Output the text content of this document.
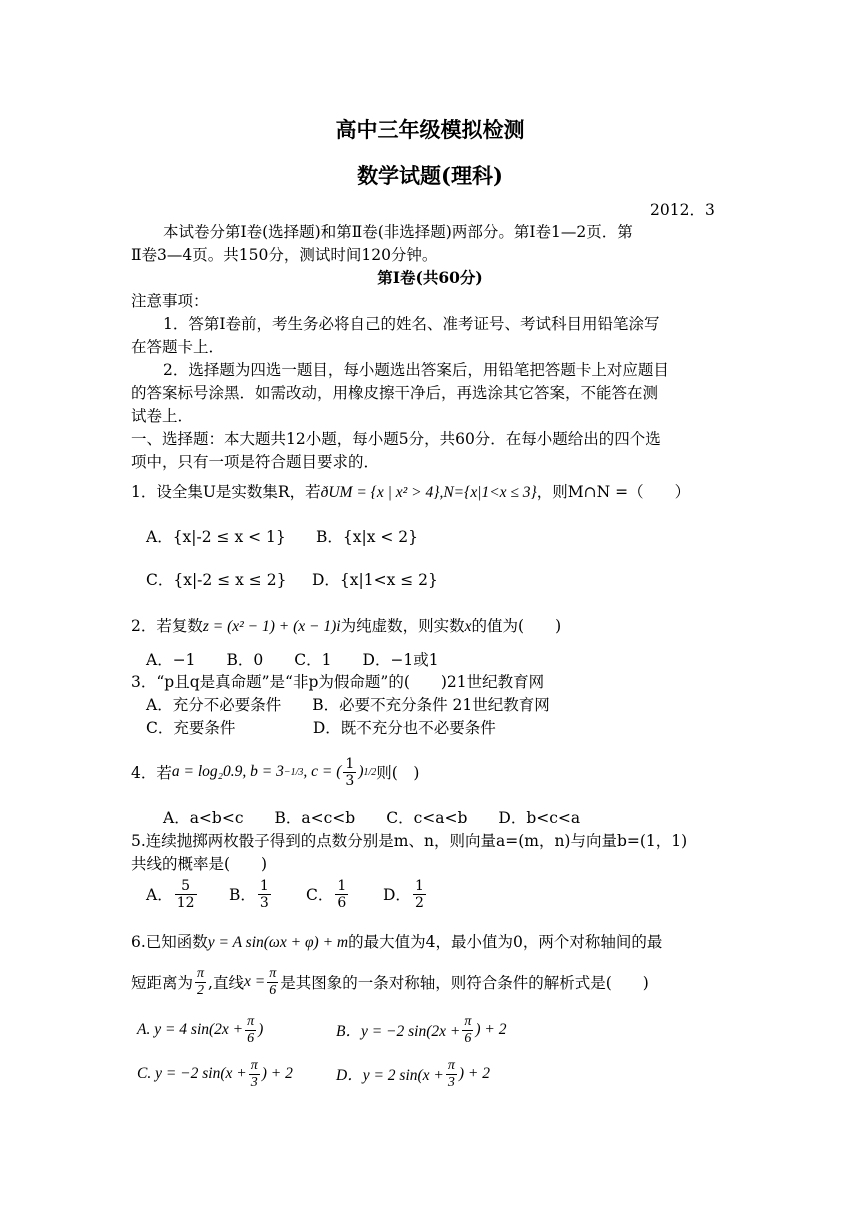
高中三年级模拟检测
数学试题(理科)
2012．3
本试卷分第Ⅰ卷(选择题)和第Ⅱ卷(非选择题)两部分。第Ⅰ卷1—2页．第
Ⅱ卷3—4页。共150分，测试时间120分钟。
第Ⅰ卷(共60分)
注意事项：
1．答第Ⅰ卷前，考生务必将自己的姓名、准考证号、考试科目用铅笔涂写
在答题卡上．
2．选择题为四选一题目，每小题选出答案后，用铅笔把答题卡上对应题目
的答案标号涂黑．如需改动，用橡皮擦干净后，再选涂其它答案，不能答在测
试卷上．
一、选择题：本大题共12小题，每小题5分，共60分．在每小题给出的四个选
项中，只有一项是符合题目要求的．
1．设全集U是实数集R，若ðUM = {x | x² > 4},N={x|1<x ≤ 3}，则M∩N =（　　）
A．{x|-2 ≤ x < 1} B．{x|x < 2}
C．{x|-2 ≤ x ≤ 2} D．{x|1<x ≤ 2}
2．若复数z = (x² − 1) + (x − 1)i为纯虚数，则实数x的值为(　　)
A．−1　　B．0　　C．1　　D．−1或1
3．“p且q是真命题”是“非p为假命题”的(　　)21世纪教育网
A．充分不必要条件　　B．必要不充分条件 21世纪教育网
C．充要条件　　　　　D．既不充分也不必要条件
4．若 a = log₂0.9, b = 3 −1/3 , c = ( $\frac{1}{3}$ ) 1/2 则(　)
A．a<b<c　　B．a<c<b　　C．c<a<b　　D．b<c<a
5.连续抛掷两枚骰子得到的点数分别是m、n，则向量a=(m，n)与向量b=(1，1)
共线的概率是(　　)
A． $\frac{5}{12}$ B． $\frac{1}{3}$ C． $\frac{1}{6}$ D． $\frac{1}{2}$
6.已知函数y = A sin(ωx + φ) + m的最大值为4，最小值为0，两个对称轴间的最
短距离为 $\frac{\pi}{2}$ ,直线 $x = \frac{\pi}{6}$ 是其图象的一条对称轴，则符合条件的解析式是(　　)
A. y = 4 $\sin(2x + \frac{\pi}{6}$ )	B．y = −2 $\sin(2x + \frac{\pi}{6}$ ) + 2
C. y = −2 $\sin(x + \frac{\pi}{3}$ ) + 2	D．y = 2 $\sin(x + \frac{\pi}{3}$ ) + 2
